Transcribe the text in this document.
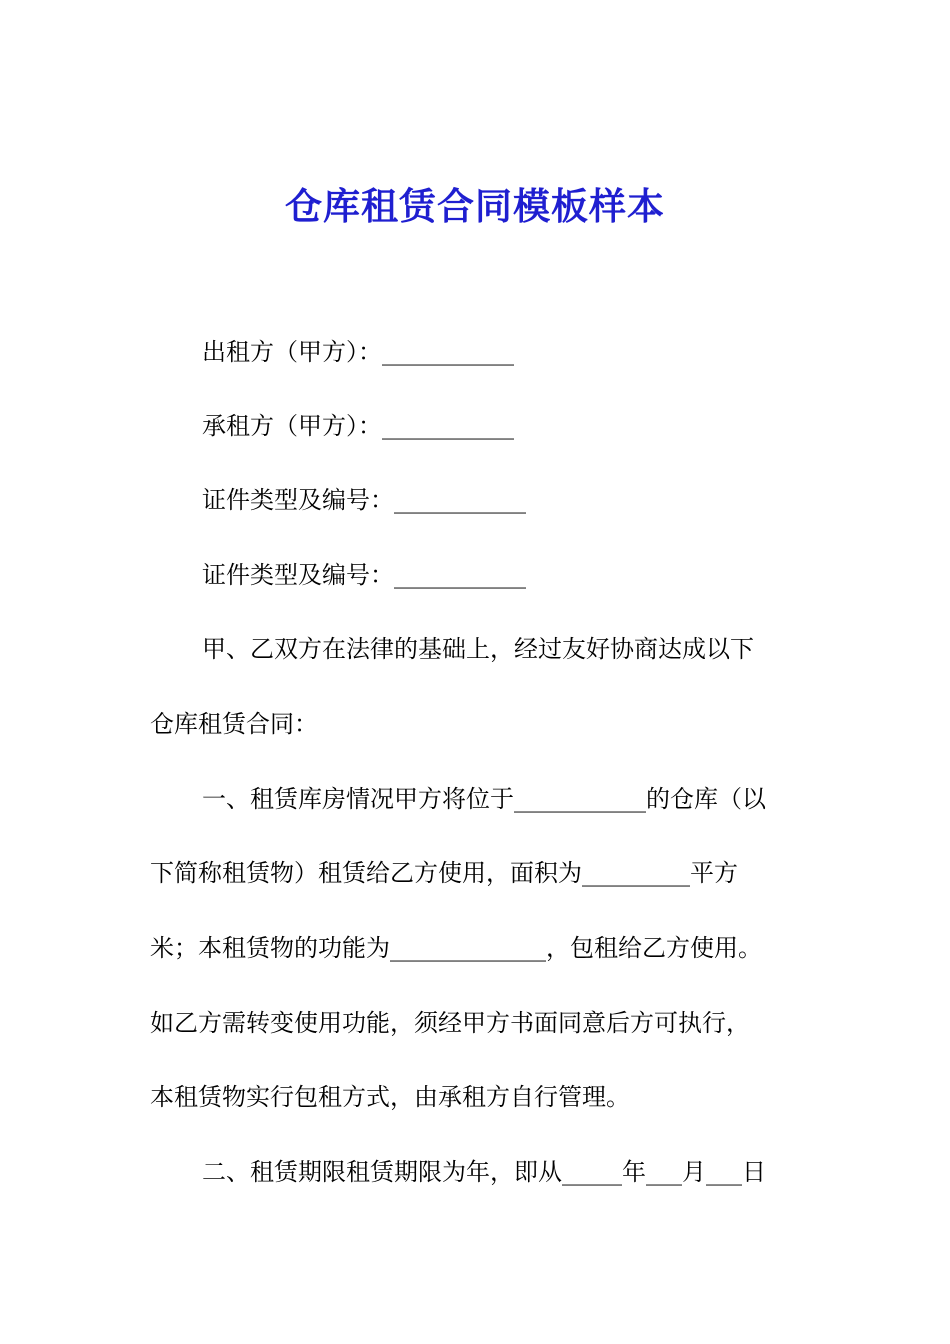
仓库租赁合同模板样本
出租方（甲方）：___________
承租方（甲方）：___________
证件类型及编号：___________
证件类型及编号：___________
甲、乙双方在法律的基础上，经过友好协商达成以下
仓库租赁合同：
一、租赁库房情况甲方将位于___________的仓库（以
下简称租赁物）租赁给乙方使用，面积为_________平方
米；本租赁物的功能为_____________，包租给乙方使用。
如乙方需转变使用功能，须经甲方书面同意后方可执行，
本租赁物实行包租方式，由承租方自行管理。
二、租赁期限租赁期限为年，即从_____年___月___日
